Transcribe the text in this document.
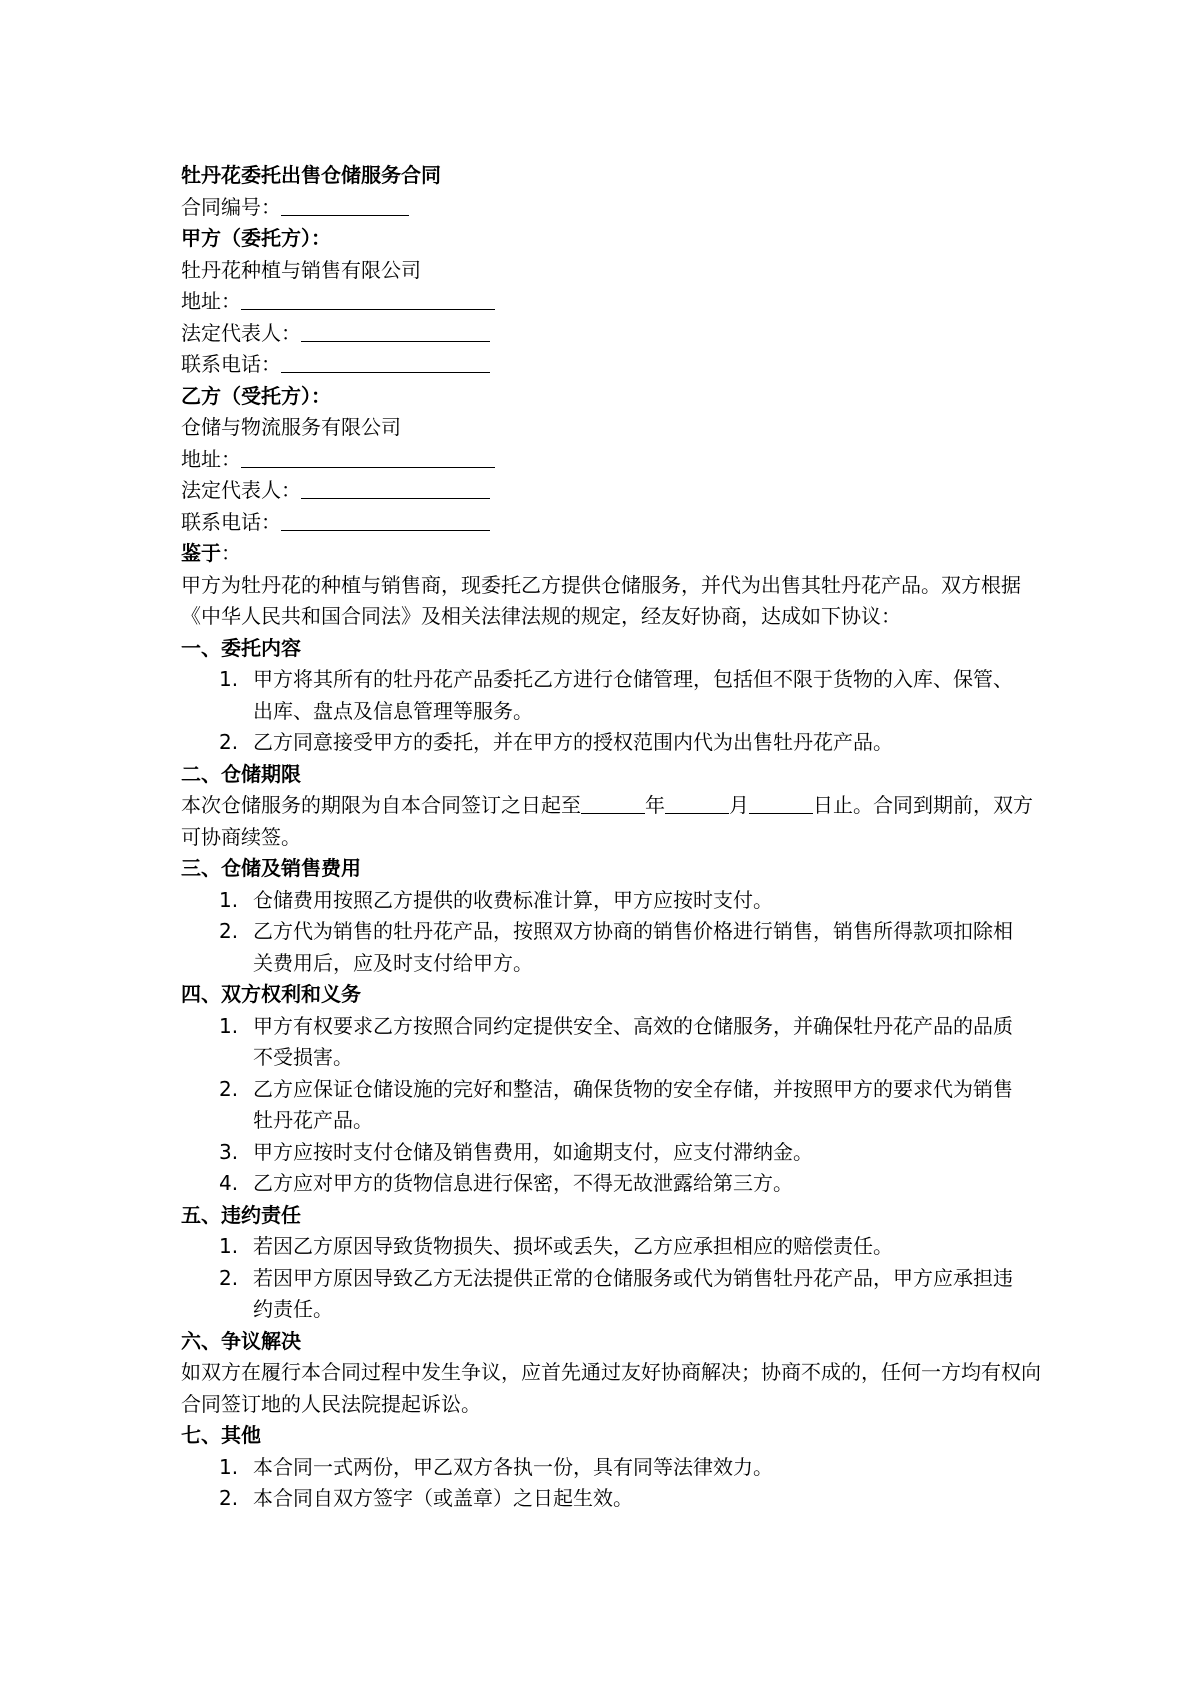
牡丹花委托出售仓储服务合同
合同编号：
甲方（委托方）：
牡丹花种植与销售有限公司
地址：
法定代表人：
联系电话：
乙方（受托方）：
仓储与物流服务有限公司
地址：
法定代表人：
联系电话：
鉴于：
甲方为牡丹花的种植与销售商，现委托乙方提供仓储服务，并代为出售其牡丹花产品。双方根据《中华人民共和国合同法》及相关法律法规的规定，经友好协商，达成如下协议：
一、委托内容
1. 甲方将其所有的牡丹花产品委托乙方进行仓储管理，包括但不限于货物的入库、保管、出库、盘点及信息管理等服务。
2. 乙方同意接受甲方的委托，并在甲方的授权范围内代为出售牡丹花产品。
二、仓储期限
本次仓储服务的期限为自本合同签订之日起至	年	月	日止。合同到期前，双方可协商续签。
三、仓储及销售费用
1. 仓储费用按照乙方提供的收费标准计算，甲方应按时支付。
2. 乙方代为销售的牡丹花产品，按照双方协商的销售价格进行销售，销售所得款项扣除相关费用后，应及时支付给甲方。
四、双方权利和义务
1. 甲方有权要求乙方按照合同约定提供安全、高效的仓储服务，并确保牡丹花产品的品质不受损害。
2. 乙方应保证仓储设施的完好和整洁，确保货物的安全存储，并按照甲方的要求代为销售牡丹花产品。
3. 甲方应按时支付仓储及销售费用，如逾期支付，应支付滞纳金。
4. 乙方应对甲方的货物信息进行保密，不得无故泄露给第三方。
五、违约责任
1. 若因乙方原因导致货物损失、损坏或丢失，乙方应承担相应的赔偿责任。
2. 若因甲方原因导致乙方无法提供正常的仓储服务或代为销售牡丹花产品，甲方应承担违约责任。
六、争议解决
如双方在履行本合同过程中发生争议，应首先通过友好协商解决；协商不成的，任何一方均有权向合同签订地的人民法院提起诉讼。
七、其他
1. 本合同一式两份，甲乙双方各执一份，具有同等法律效力。
2. 本合同自双方签字（或盖章）之日起生效。
